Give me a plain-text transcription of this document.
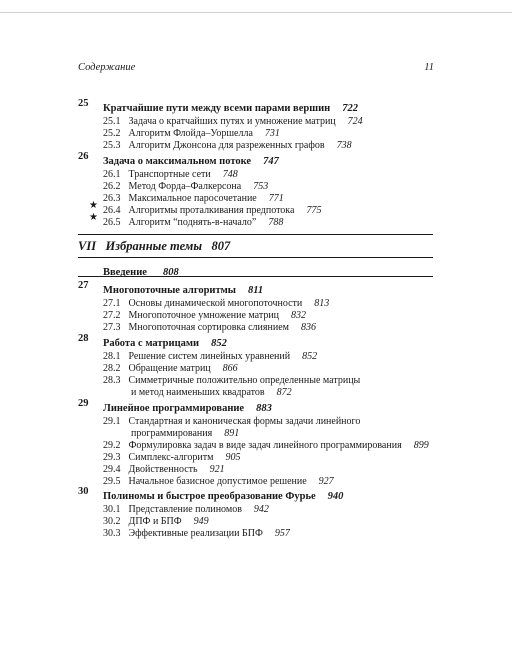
Содержание	11
25 Кратчайшие пути между всеми парами вершин 722
25.1 Задача о кратчайших путях и умножение матриц 724
25.2 Алгоритм Флойда–Уоршелла 731
25.3 Алгоритм Джонсона для разреженных графов 738
26 Задача о максимальном потоке 747
26.1 Транспортные сети 748
26.2 Метод Форда–Фалкерсона 753
26.3 Максимальное паросочетание 771
★ 26.4 Алгоритмы проталкивания предпотока 775
★ 26.5 Алгоритм “поднять-в-начало” 788
VII Избранные темы 807
Введение 808
27 Многопоточные алгоритмы 811
27.1 Основы динамической многопоточности 813
27.2 Многопоточное умножение матриц 832
27.3 Многопоточная сортировка слиянием 836
28 Работа с матрицами 852
28.1 Решение систем линейных уравнений 852
28.2 Обращение матриц 866
28.3 Симметричные положительно определенные матрицы
и метод наименьших квадратов 872
29 Линейное программирование 883
29.1 Стандартная и каноническая формы задачи линейного
программирования 891
29.2 Формулировка задач в виде задач линейного программирования 899
29.3 Симплекс-алгоритм 905
29.4 Двойственность 921
29.5 Начальное базисное допустимое решение 927
30 Полиномы и быстрое преобразование Фурье 940
30.1 Представление полиномов 942
30.2 ДПФ и БПФ 949
30.3 Эффективные реализации БПФ 957
